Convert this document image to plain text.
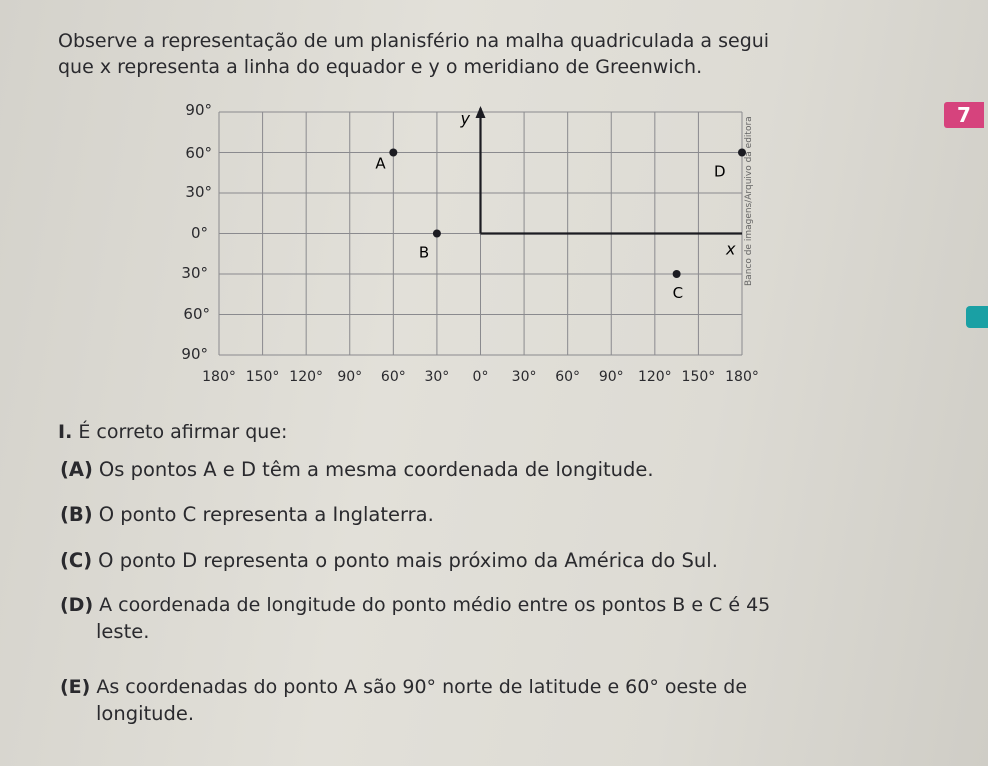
Observe a representação de um planisfério na malha quadriculada a segui
que x representa a linha do equador e y o meridiano de Greenwich.
90°
60°
30°
0°
30°
60°
90°
y
x
A
B
C
D
180° 150° 120°	90°	60°	30°	0°	30°	60°	90°	120° 150° 180°
Banco de imagens/Arquivo da editora
7
I. É correto afirmar que:
(A) Os pontos A e D têm a mesma coordenada de longitude.
(B) O ponto C representa a Inglaterra.
(C) O ponto D representa o ponto mais próximo da América do Sul.
(D) A coordenada de longitude do ponto médio entre os pontos B e C é 45
leste.
(E) As coordenadas do ponto A são 90° norte de latitude e 60° oeste de
longitude.
